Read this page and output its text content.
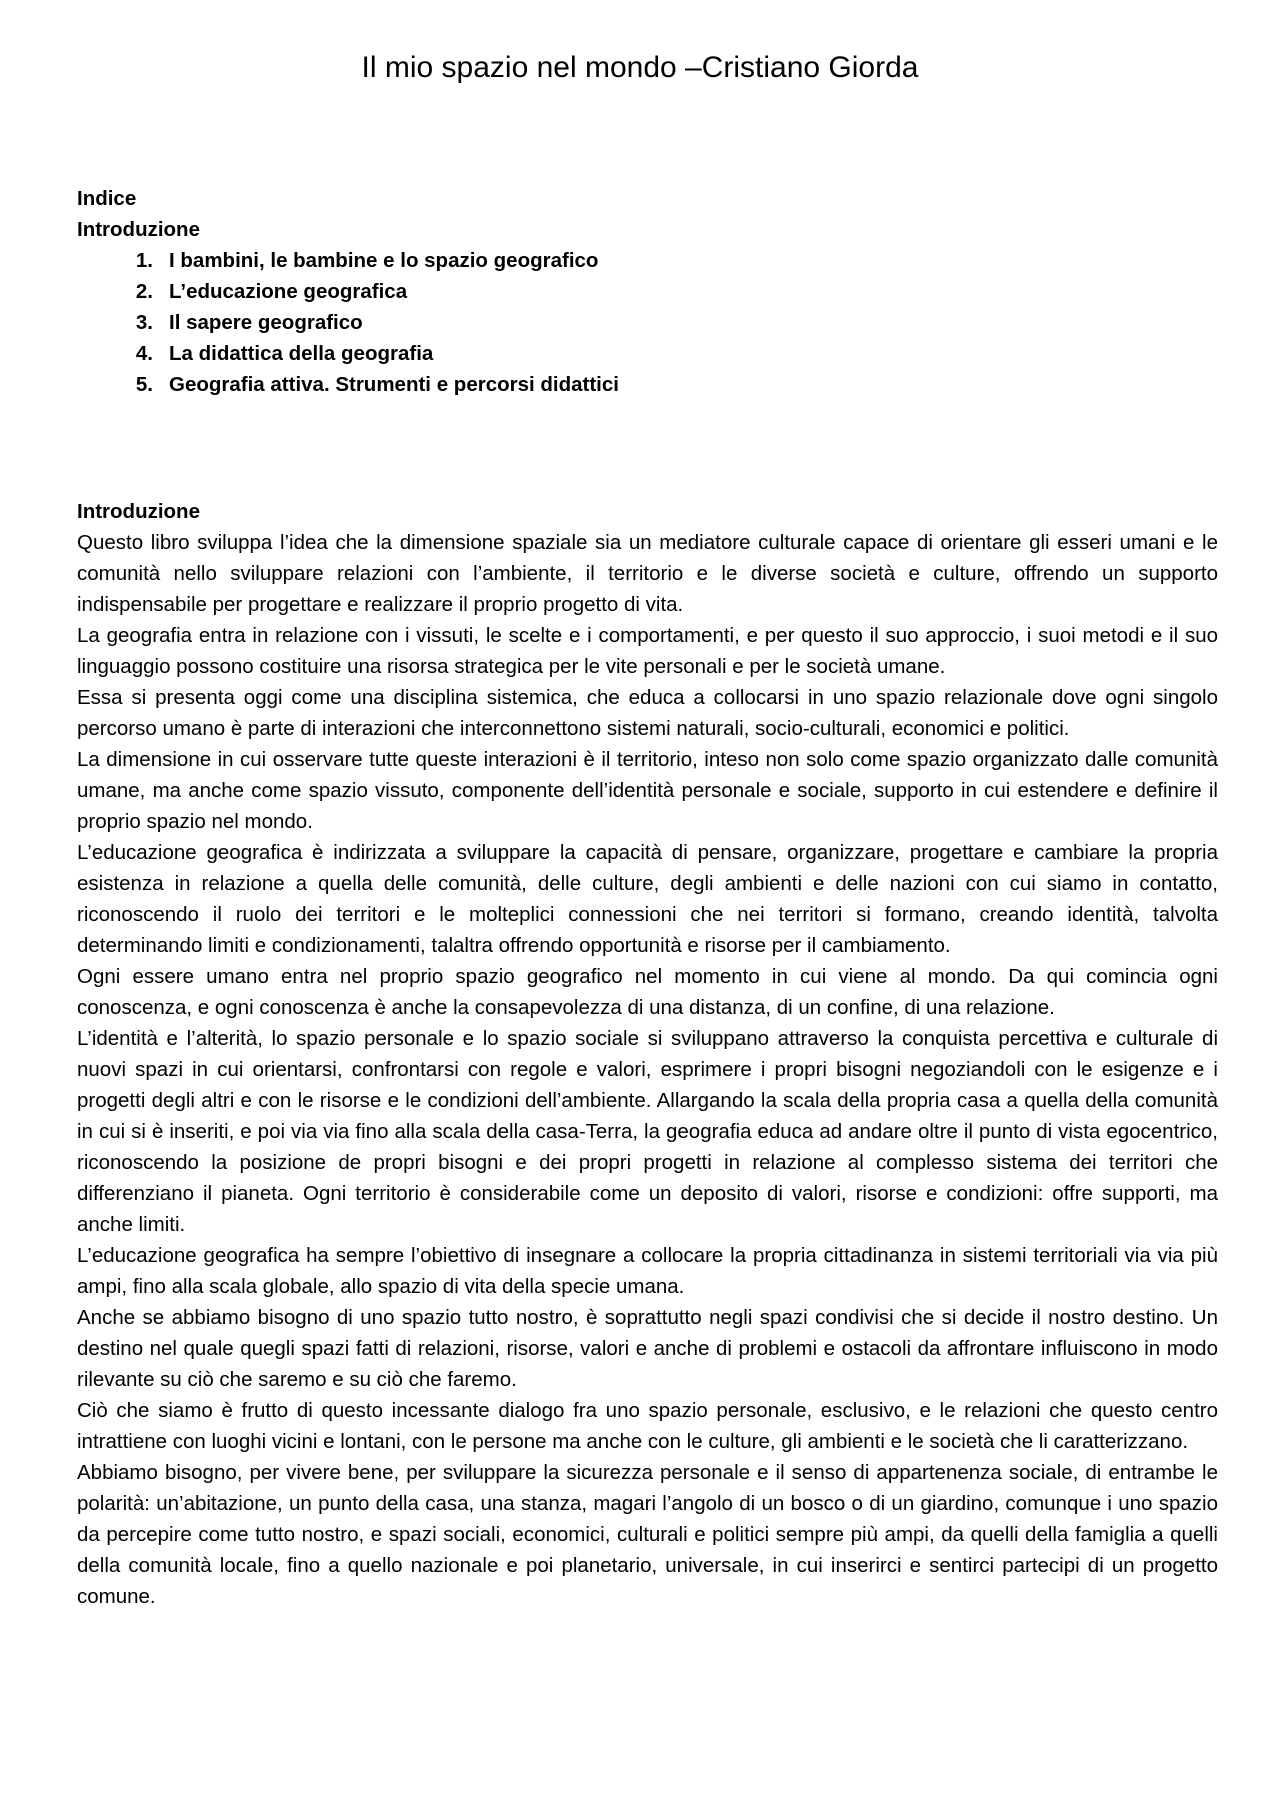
Il mio spazio nel mondo –Cristiano Giorda

Indice

Introduzione

1. I bambini, le bambine e lo spazio geografico
2. L’educazione geografica
3. Il sapere geografico
4. La didattica della geografia
5. Geografia attiva. Strumenti e percorsi didattici

Introduzione

Questo libro sviluppa l’idea che la dimensione spaziale sia un mediatore culturale capace di orientare gli esseri umani e le comunità nello sviluppare relazioni con l’ambiente, il territorio e le diverse società e culture, offrendo un supporto indispensabile per progettare e realizzare il proprio progetto di vita.

La geografia entra in relazione con i vissuti, le scelte e i comportamenti, e per questo il suo approccio, i suoi metodi e il suo linguaggio possono costituire una risorsa strategica per le vite personali e per le società umane.

Essa si presenta oggi come una disciplina sistemica, che educa a collocarsi in uno spazio relazionale dove ogni singolo percorso umano è parte di interazioni che interconnettono sistemi naturali, socio-culturali, economici e politici.

La dimensione in cui osservare tutte queste interazioni è il territorio, inteso non solo come spazio organizzato dalle comunità umane, ma anche come spazio vissuto, componente dell’identità personale e sociale, supporto in cui estendere e definire il proprio spazio nel mondo.

L’educazione geografica è indirizzata a sviluppare la capacità di pensare, organizzare, progettare e cambiare la propria esistenza in relazione a quella delle comunità, delle culture, degli ambienti e delle nazioni con cui siamo in contatto, riconoscendo il ruolo dei territori e le molteplici connessioni che nei territori si formano, creando identità, talvolta determinando limiti e condizionamenti, talaltra offrendo opportunità e risorse per il cambiamento.

Ogni essere umano entra nel proprio spazio geografico nel momento in cui viene al mondo. Da qui comincia ogni conoscenza, e ogni conoscenza è anche la consapevolezza di una distanza, di un confine, di una relazione.

L’identità e l’alterità, lo spazio personale e lo spazio sociale si sviluppano attraverso la conquista percettiva e culturale di nuovi spazi in cui orientarsi, confrontarsi con regole e valori, esprimere i propri bisogni negoziandoli con le esigenze e i progetti degli altri e con le risorse e le condizioni dell’ambiente. Allargando la scala della propria casa a quella della comunità in cui si è inseriti, e poi via via fino alla scala della casa-Terra, la geografia educa ad andare oltre il punto di vista egocentrico, riconoscendo la posizione de propri bisogni e dei propri progetti in relazione al complesso sistema dei territori che differenziano il pianeta. Ogni territorio è considerabile come un deposito di valori, risorse e condizioni: offre supporti, ma anche limiti.

L’educazione geografica ha sempre l’obiettivo di insegnare a collocare la propria cittadinanza in sistemi territoriali via via più ampi, fino alla scala globale, allo spazio di vita della specie umana.

Anche se abbiamo bisogno di uno spazio tutto nostro, è soprattutto negli spazi condivisi che si decide il nostro destino. Un destino nel quale quegli spazi fatti di relazioni, risorse, valori e anche di problemi e ostacoli da affrontare influiscono in modo rilevante su ciò che saremo e su ciò che faremo.

Ciò che siamo è frutto di questo incessante dialogo fra uno spazio personale, esclusivo, e le relazioni che questo centro intrattiene con luoghi vicini e lontani, con le persone ma anche con le culture, gli ambienti e le società che li caratterizzano.

Abbiamo bisogno, per vivere bene, per sviluppare la sicurezza personale e il senso di appartenenza sociale, di entrambe le polarità: un’abitazione, un punto della casa, una stanza, magari l’angolo di un bosco o di un giardino, comunque i uno spazio da percepire come tutto nostro, e spazi sociali, economici, culturali e politici sempre più ampi, da quelli della famiglia a quelli della comunità locale, fino a quello nazionale e poi planetario, universale, in cui inserirci e sentirci partecipi di un progetto comune.
